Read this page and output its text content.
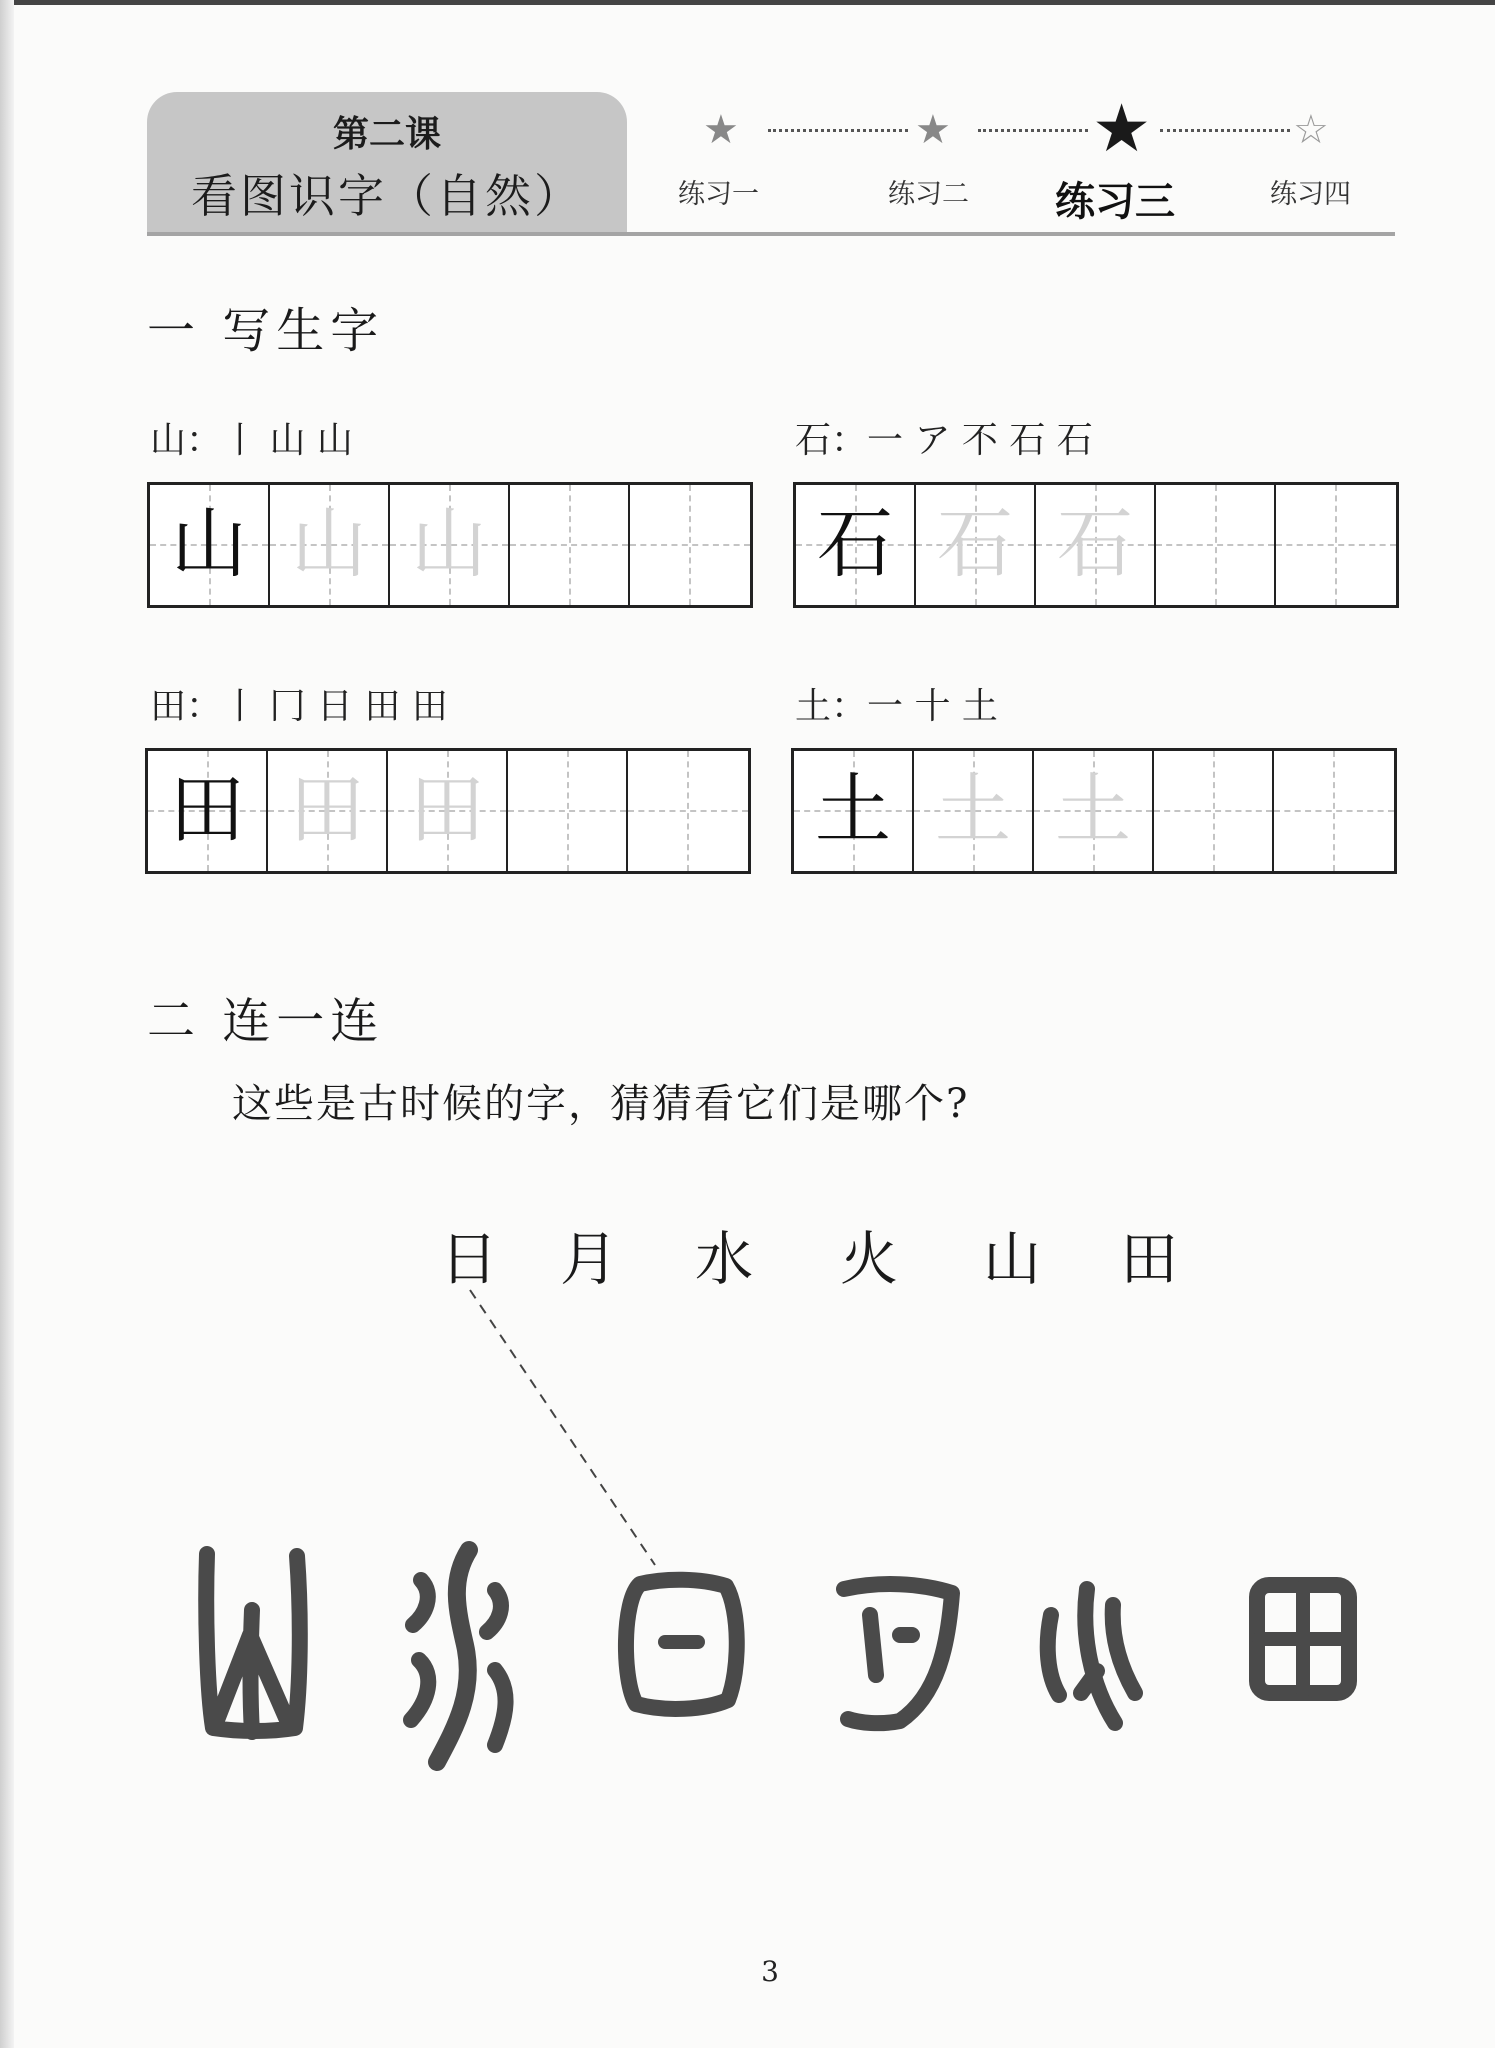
第二课
看图识字（自然）
★	★ ★	☆
练习一	练习二 练习三	练习四
一 写生字
山：丨 山 山
山 山 山
石：一 ア 不 石 石
石 石 石
田：丨 冂 日 田 田
田 田 田
土：一 十 土
土 土 土
二 连一连
这些是古时候的字，猜猜看它们是哪个?
日 月 水 火 山 田
3
